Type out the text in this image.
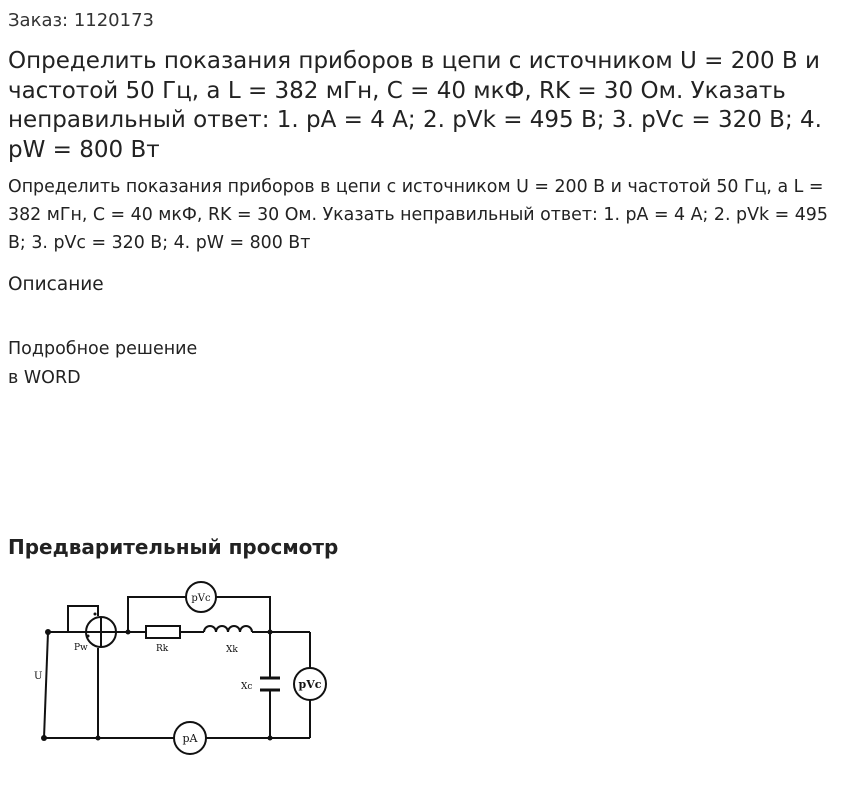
Заказ: 1120173
Определить показания приборов в цепи с источником U = 200 В и частотой 50 Гц, а L = 382 мГн, С = 40 мкФ, RK = 30 Ом. Указать неправильный ответ: 1. pA = 4 A; 2. pVk = 495 B; 3. pVc = 320 B; 4. pW = 800 Вт
Определить показания приборов в цепи с источником U = 200 В и частотой 50 Гц, а L = 382 мГн, С = 40 мкФ, RK = 30 Ом. Указать неправильный ответ: 1. pA = 4 A; 2. pVk = 495 B; 3. pVc = 320 B; 4. pW = 800 Вт
Описание
Подробное решение
в WORD
Предварительный просмотр
U
Pw	Rk	Xk
Xc
pVc
pVc
pA
